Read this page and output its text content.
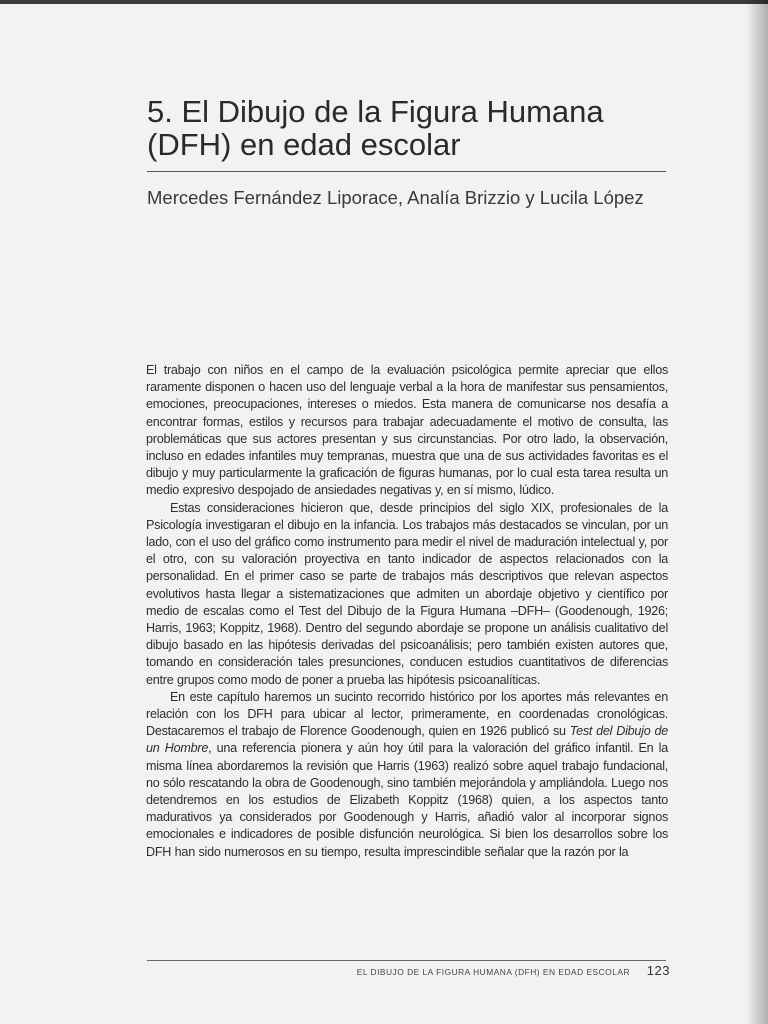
5. El Dibujo de la Figura Humana (DFH) en edad escolar

Mercedes Fernández Liporace, Analía Brizzio y Lucila López

El trabajo con niños en el campo de la evaluación psicológica permite apreciar que ellos raramente disponen o hacen uso del lenguaje verbal a la hora de manifestar sus pensamientos, emociones, preocupaciones, intereses o miedos. Esta manera de comunicarse nos desafía a encontrar formas, estilos y recursos para trabajar adecuadamente el motivo de consulta, las problemáticas que sus actores presentan y sus circunstancias. Por otro lado, la observación, incluso en edades infantiles muy tempranas, muestra que una de sus actividades favoritas es el dibujo y muy particularmente la graficación de figuras humanas, por lo cual esta tarea resulta un medio expresivo despojado de ansiedades negativas y, en sí mismo, lúdico.

Estas consideraciones hicieron que, desde principios del siglo XIX, profesionales de la Psicología investigaran el dibujo en la infancia. Los trabajos más destacados se vinculan, por un lado, con el uso del gráfico como instrumento para medir el nivel de maduración intelectual y, por el otro, con su valoración proyectiva en tanto indicador de aspectos relacionados con la personalidad. En el primer caso se parte de trabajos más descriptivos que relevan aspectos evolutivos hasta llegar a sistematizaciones que admiten un abordaje objetivo y científico por medio de escalas como el Test del Dibujo de la Figura Humana –DFH– (Goodenough, 1926; Harris, 1963; Koppitz, 1968). Dentro del segundo abordaje se propone un análisis cualitativo del dibujo basado en las hipótesis derivadas del psicoanálisis; pero también existen autores que, tomando en consideración tales presunciones, conducen estudios cuantitativos de diferencias entre grupos como modo de poner a prueba las hipótesis psicoanalíticas.

En este capítulo haremos un sucinto recorrido histórico por los aportes más relevantes en relación con los DFH para ubicar al lector, primeramente, en coordenadas cronológicas. Destacaremos el trabajo de Florence Goodenough, quien en 1926 publicó su Test del Dibujo de un Hombre, una referencia pionera y aún hoy útil para la valoración del gráfico infantil. En la misma línea abordaremos la revisión que Harris (1963) realizó sobre aquel trabajo fundacional, no sólo rescatando la obra de Goodenough, sino también mejorándola y ampliándola. Luego nos detendremos en los estudios de Elizabeth Koppitz (1968) quien, a los aspectos tanto madurativos ya considerados por Goodenough y Harris, añadió valor al incorporar signos emocionales e indicadores de posible disfunción neurológica. Si bien los desarrollos sobre los DFH han sido numerosos en su tiempo, resulta imprescindible señalar que la razón por la

EL DIBUJO DE LA FIGURA HUMANA (DFH) EN EDAD ESCOLAR	123
